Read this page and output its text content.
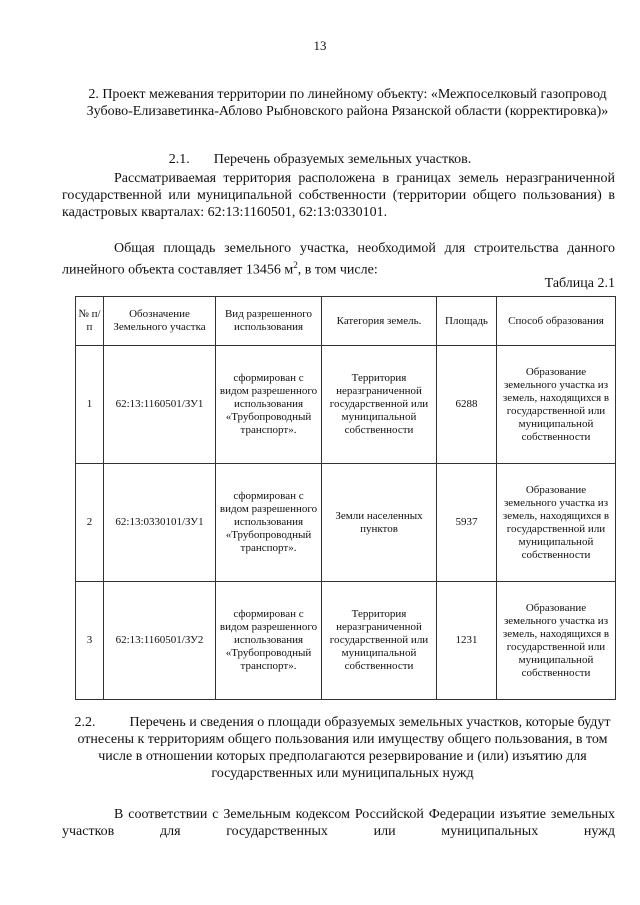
13
2. Проект межевания территории по линейному объекту: «Межпоселковый газопровод Зубово-Елизаветинка-Аблово Рыбновского района Рязанской области (корректировка)»
2.1. Перечень образуемых земельных участков.
Рассматриваемая территория расположена в границах земель неразграниченной государственной или муниципальной собственности (территории общего пользования) в кадастровых кварталах: 62:13:1160501, 62:13:0330101.
Общая площадь земельного участка, необходимой для строительства данного линейного объекта составляет 13456 $м^2$, в том числе:
Таблица 2.1
№ п/п	Обозначение Земельного участка	Вид разрешенного использования	Категория земель.	Площадь	Способ образования
1	62:13:1160501/ЗУ1	сформирован с видом разрешенного использования «Трубопроводный транспорт».	Территория неразграниченной государственной или муниципальной собственности	6288	Образование земельного участка из земель, находящихся в государственной или муниципальной собственности
2	62:13:0330101/ЗУ1	сформирован с видом разрешенного использования «Трубопроводный транспорт».	Земли населенных пунктов	5937	Образование земельного участка из земель, находящихся в государственной или муниципальной собственности
3	62:13:1160501/ЗУ2	сформирован с видом разрешенного использования «Трубопроводный транспорт».	Территория неразграниченной государственной или муниципальной собственности	1231	Образование земельного участка из земель, находящихся в государственной или муниципальной собственности
2.2. Перечень и сведения о площади образуемых земельных участков, которые будут отнесены к территориям общего пользования или имуществу общего пользования, в том числе в отношении которых предполагаются резервирование и (или) изъятию для государственных или муниципальных нужд
В соответствии с Земельным кодексом Российской Федерации изъятие земельных участков для государственных или муниципальных нужд
